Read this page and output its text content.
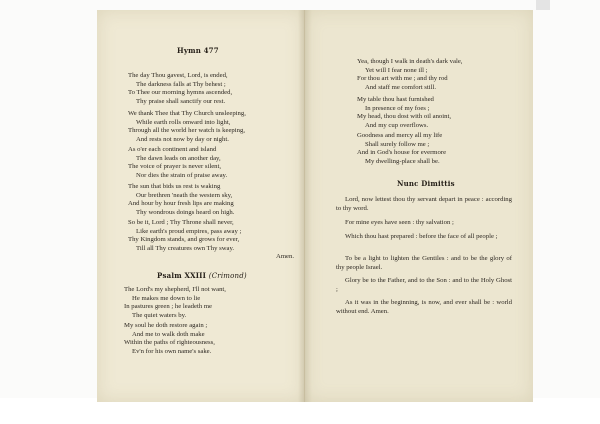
Hymn 477
The day Thou gavest, Lord, is ended,
The darkness falls at Thy behest ;
To Thee our morning hymns ascended,
Thy praise shall sanctify our rest.
We thank Thee that Thy Church unsleeping,
While earth rolls onward into light,
Through all the world her watch is keeping,
And rests not now by day or night.
As o'er each continent and island
The dawn leads on another day,
The voice of prayer is never silent,
Nor dies the strain of praise away.
The sun that bids us rest is waking
Our brethren 'neath the western sky,
And hour by hour fresh lips are making
Thy wondrous doings heard on high.
So be it, Lord ; Thy Throne shall never,
Like earth's proud empires, pass away ;
Thy Kingdom stands, and grows for ever,
Till all Thy creatures own Thy sway.
Amen.
Psalm XXIII (Crimond)
The Lord's my shepherd, I'll not want,
He makes me down to lie
In pastures green ; he leadeth me
The quiet waters by.
My soul he doth restore again ;
And me to walk doth make
Within the paths of righteousness,
Ev'n for his own name's sake.
Yea, though I walk in death's dark vale,
Yet will I fear none ill ;
For thou art with me ; and thy rod
And staff me comfort still.
My table thou hast furnished
In presence of my foes ;
My head, thou dost with oil anoint,
And my cup overflows.
Goodness and mercy all my life
Shall surely follow me ;
And in God's house for evermore
My dwelling-place shall be.
Nunc Dimittis
Lord, now lettest thou thy servant depart in peace : according to thy word.
For mine eyes have seen : thy salvation ;
Which thou hast prepared : before the face of all people ;
To be a light to lighten the Gentiles : and to be the glory of thy people Israel.
Glory be to the Father, and to the Son : and to the Holy Ghost ;
As it was in the beginning, is now, and ever shall be : world without end. Amen.
